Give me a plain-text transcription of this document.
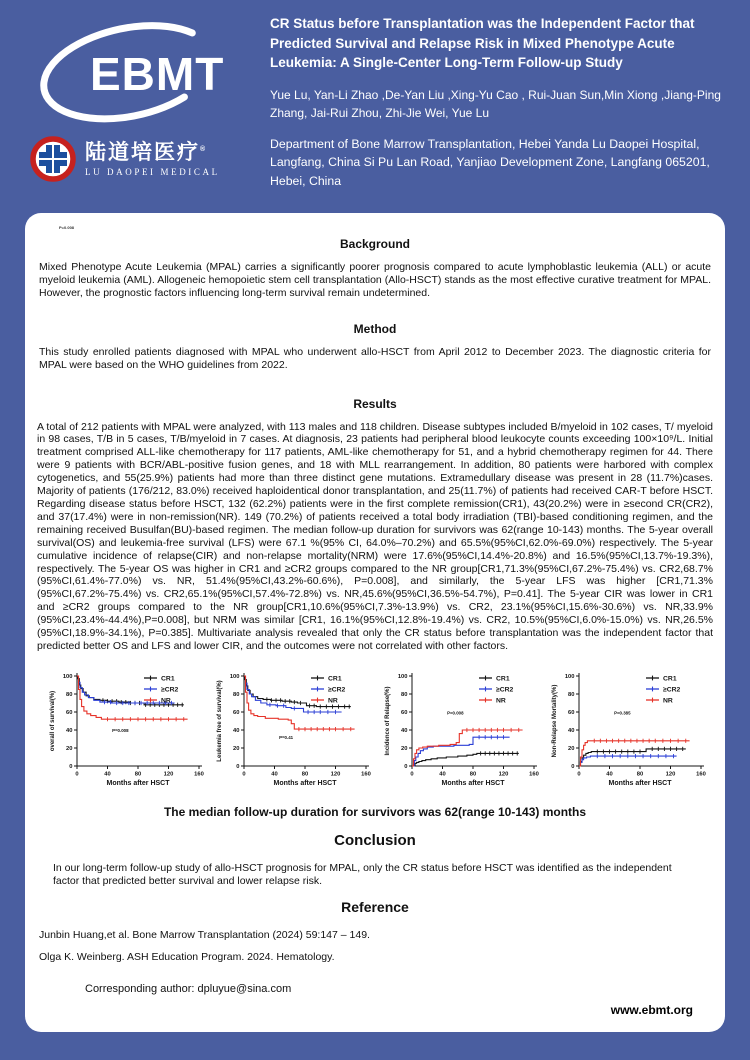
EBMT
陆道培医疗®
LU DAOPEI MEDICAL
CR Status before Transplantation was the Independent Factor that Predicted Survival and Relapse Risk in Mixed Phenotype Acute Leukemia: A Single-Center Long-Term Follow-up Study
Yue Lu, Yan-Li Zhao ,De-Yan Liu ,Xing-Yu Cao , Rui-Juan Sun,Min Xiong ,Jiang-Ping Zhang, Jai-Rui Zhou, Zhi-Jie Wei, Yue Lu
Department of Bone Marrow Transplantation, Hebei Yanda Lu Daopei Hospital, Langfang, China Si Pu Lan Road, Yanjiao Development Zone, Langfang 065201, Hebei, China
P=0.008
Background

Mixed Phenotype Acute Leukemia (MPAL) carries a significantly poorer prognosis compared to acute lymphoblastic leukemia (ALL) or acute myeloid leukemia (AML). Allogeneic hemopoietic stem cell transplantation (Allo-HSCT) stands as the most effective curative treatment for MPAL. However, the prognostic factors influencing long-term survival remain undetermined.

Method

This study enrolled patients diagnosed with MPAL who underwent allo-HSCT from April 2012 to December 2023. The diagnostic criteria for MPAL were based on the WHO guidelines from 2022.

Results

A total of 212 patients with MPAL were analyzed, with 113 males and 118 children. Disease subtypes included B/myeloid in 102 cases, T/ myeloid in 98 cases, T/B in 5 cases, T/B/myeloid in 7 cases. At diagnosis, 23 patients had peripheral blood leukocyte counts exceeding 100×10⁹/L. Initial treatment comprised ALL-like chemotherapy for 117 patients, AML-like chemotherapy for 51, and a hybrid chemotherapy regimen for 44. There were 9 patients with BCR/ABL-positive fusion genes, and 18 with MLL rearrangement. In addition, 80 patients were harbored with complex cytogenetics, and 55(25.9%) patients had more than three distinct gene mutations. Extramedullary disease was present in 28 (11.7%)cases. Majority of patients (176/212, 83.0%) received haploidentical donor transplantation, and 25(11.7%) of patients had received CAR-T before HSCT. Regarding disease status before HSCT, 132 (62.2%) patients were in the first complete remission(CR1), 43(20.2%) were in ≥second CR(CR2), and 37(17.4%) were in non-remission(NR). 149 (70.2%) of patients received a total body irradiation (TBI)-based conditioning regimen, and the remaining received Busulfan(BU)-based regimen. The median follow-up duration for survivors was 62(range 10-143) months. The 5-year overall survival(OS) and leukemia-free survival (LFS) were 67.1 %(95% CI, 64.0%–70.2%) and 65.5%(95%CI,62.0%-69.0%) respectively. The 5-year cumulative incidence of relapse(CIR) and non-relapse mortality(NRM) were 17.6%(95%CI,14.4%-20.8%) and 16.5%(95%CI,13.7%-19.3%), respectively. The 5-year OS was higher in CR1 and ≥CR2 groups compared to the NR group[CR1,71.3%(95%CI,67.2%-75.4%) vs. CR2,68.7%(95%CI,61.4%-77.0%) vs. NR, 51.4%(95%CI,43.2%-60.6%), P=0.008], and similarly, the 5-year LFS was higher [CR1,71.3%(95%CI,67.2%-75.4%) vs. CR2,65.1%(95%CI,57.4%-72.8%) vs. NR,45.6%(95%CI,36.5%-54.7%), P=0.41]. The 5-year CIR was lower in CR1 and ≥CR2 groups compared to the NR group[CR1,10.6%(95%CI,7.3%-13.9%) vs. CR2, 23.1%(95%CI,15.6%-30.6%) vs. NR,33.9%(95%CI,23.4%-44.4%),P=0.008], but NRM was similar [CR1, 16.1%(95%CI,12.8%-19.4%) vs. CR2, 10.5%(95%CI,6.0%-15.0%) vs. NR,26.5%(95%CI,18.9%-34.1%), P=0.385]. Multivariate analysis revealed that only the CR status before transplantation was the independent factor that predicted better OS and LFS and lower CIR, and the outcomes were not correlated with other factors.

0
20
40
60
80
100
0	40	80	120	160
Months after HSCT
overall of survival(%)	P=0.008
CR1
≥CR2
NR
0
20
40
60
80
100
0	40	80	120	160
Months after HSCT
Leukemia free of survival(%)	P=0.41
CR1
≥CR2
NR
0
20
40
60
80
100
0	40	80	120	160
Months after HSCT
Incidence of Relapse(%)	P=0.008
CR1
≥CR2
NR
0
20
40
60
80
100
0	40	80	120	160
Months after HSCT
Non-Relapse Mortality(%)	P=0.385
CR1
≥CR2
NR
The median follow-up duration for survivors was 62(range 10-143) months
Conclusion

In our long-term follow-up study of allo-HSCT prognosis for MPAL, only the CR status before HSCT was identified as the independent factor that predicted better survival and lower relapse risk.

Reference

Junbin Huang,et al. Bone Marrow Transplantation (2024) 59:147 – 149.

Olga K. Weinberg. ASH Education Program. 2024. Hematology.

Corresponding author: dpluyue@sina.com

www.ebmt.org
